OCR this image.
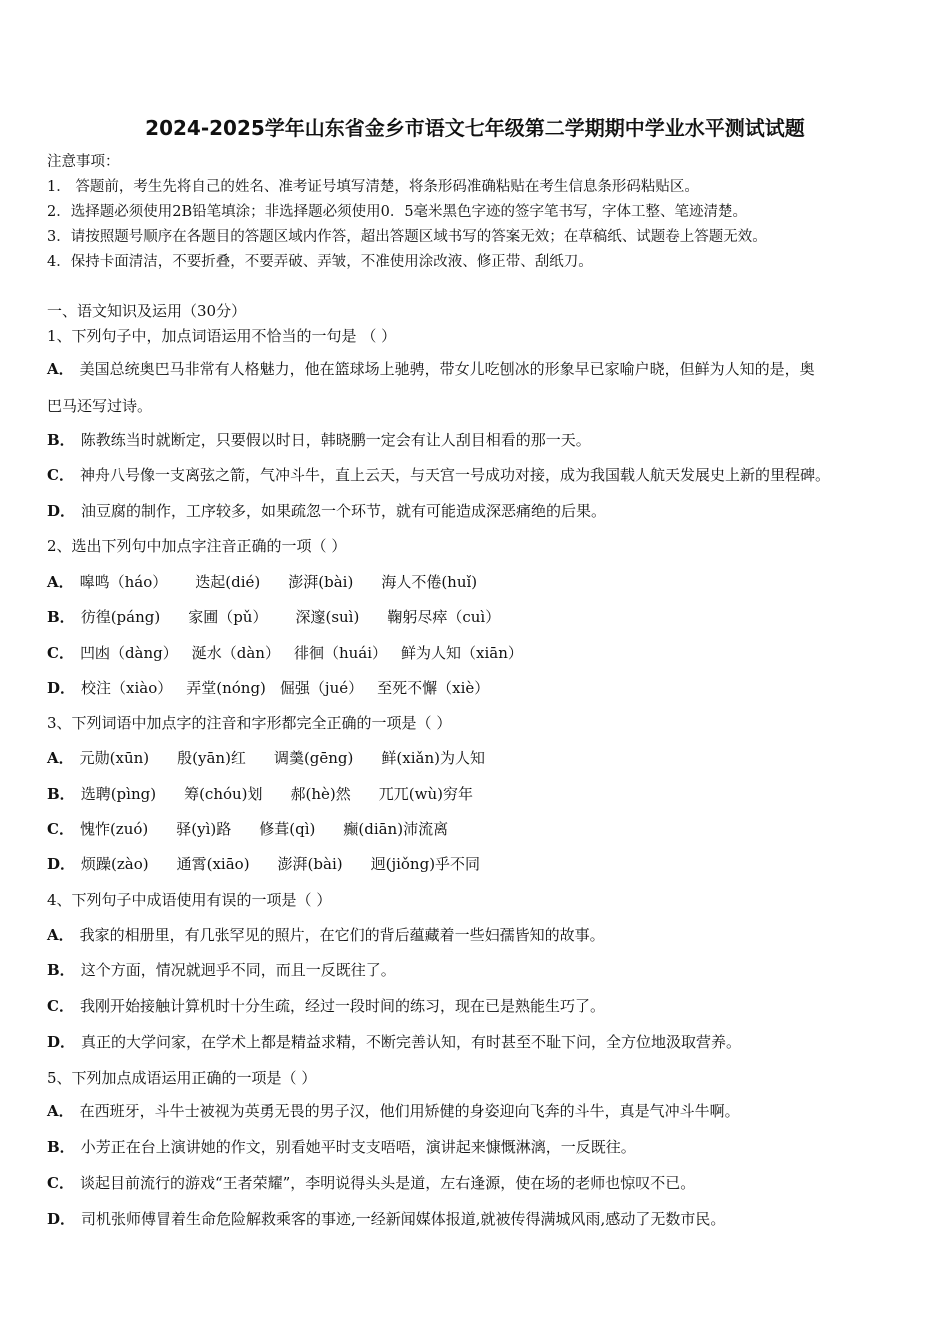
2024-2025学年山东省金乡市语文七年级第二学期期中学业水平测试试题
注意事项：
1． 答题前，考生先将自己的姓名、准考证号填写清楚，将条形码准确粘贴在考生信息条形码粘贴区。
2．选择题必须使用2B铅笔填涂；非选择题必须使用0．5毫米黑色字迹的签字笔书写，字体工整、笔迹清楚。
3．请按照题号顺序在各题目的答题区域内作答，超出答题区域书写的答案无效；在草稿纸、试题卷上答题无效。
4．保持卡面清洁，不要折叠，不要弄破、弄皱，不准使用涂改液、修正带、刮纸刀。
一、语文知识及运用（30分）
1、下列句子中，加点词语运用不恰当的一句是 （ ）
A． 美国总统奥巴马非常有人格魅力，他在篮球场上驰骋，带女儿吃刨冰的形象早已家喻户晓，但鲜为人知的是，奥
巴马还写过诗。
B． 陈教练当时就断定，只要假以时日，韩晓鹏一定会有让人刮目相看的那一天。
C． 神舟八号像一支离弦之箭，气冲斗牛，直上云天，与天宫一号成功对接，成为我国载人航天发展史上新的里程碑。
D． 油豆腐的制作，工序较多，如果疏忽一个环节，就有可能造成深恶痛绝的后果。
2、选出下列句中加点字注音正确的一项（ ）
A． 嗥鸣（háo） 迭起(dié) 澎湃(bài) 海人不倦(huǐ)
B． 彷徨(páng) 家圃（pǔ） 深邃(suì) 鞠躬尽瘁（cuì）
C． 凹凼（dàng） 涎水（dàn） 徘徊（huái） 鲜为人知（xiān）
D． 校注（xiào） 弄堂(nóng) 倔强（jué） 至死不懈（xiè）
3、下列词语中加点字的注音和字形都完全正确的一项是（ ）
A． 元勋(xūn) 殷(yān)红 调羹(gēng) 鲜(xiǎn)为人知
B． 选聘(pìng) 筹(chóu)划 郝(hè)然 兀兀(wù)穷年
C． 愧怍(zuó) 驿(yì)路 修葺(qì) 癫(diān)沛流离
D． 烦躁(zào) 通霄(xiāo) 澎湃(bài) 迥(jiǒng)乎不同
4、下列句子中成语使用有误的一项是（ ）
A． 我家的相册里，有几张罕见的照片，在它们的背后蕴藏着一些妇孺皆知的故事。
B． 这个方面，情况就迥乎不同，而且一反既往了。
C． 我刚开始接触计算机时十分生疏，经过一段时间的练习，现在已是熟能生巧了。
D． 真正的大学问家，在学术上都是精益求精，不断完善认知，有时甚至不耻下问，全方位地汲取营养。
5、下列加点成语运用正确的一项是（ ）
A． 在西班牙，斗牛士被视为英勇无畏的男子汉，他们用矫健的身姿迎向飞奔的斗牛，真是气冲斗牛啊。
B． 小芳正在台上演讲她的作文，别看她平时支支唔唔，演讲起来慷慨淋漓，一反既往。
C． 谈起目前流行的游戏“王者荣耀”，李明说得头头是道，左右逢源，使在场的老师也惊叹不已。
D． 司机张师傅冒着生命危险解救乘客的事迹,一经新闻媒体报道,就被传得满城风雨,感动了无数市民。
